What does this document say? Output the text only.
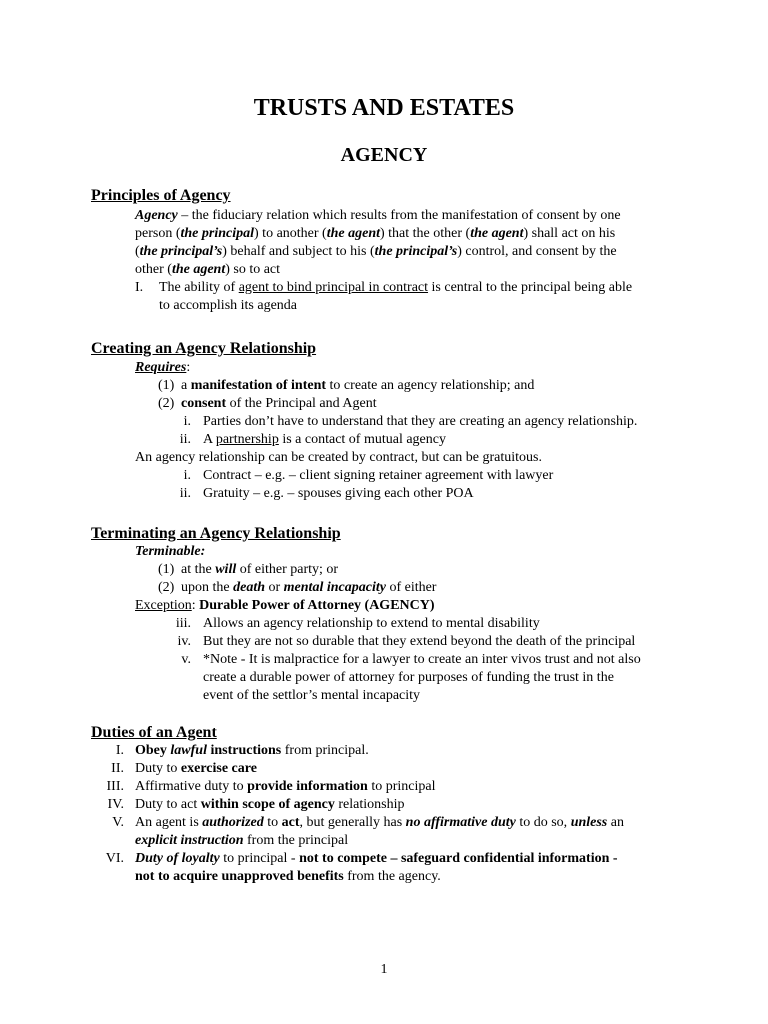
TRUSTS AND ESTATES
AGENCY
Principles of Agency
Agency – the fiduciary relation which results from the manifestation of consent by one
person (the principal) to another (the agent) that the other (the agent) shall act on his
(the principal’s) behalf and subject to his (the principal’s) control, and consent by the
other (the agent) so to act
I. The ability of agent to bind principal in contract is central to the principal being able
to accomplish its agenda
Creating an Agency Relationship
Requires:
(1) a manifestation of intent to create an agency relationship; and
(2) consent of the Principal and Agent
i. Parties don’t have to understand that they are creating an agency relationship.
ii. A partnership is a contact of mutual agency
An agency relationship can be created by contract, but can be gratuitous.
i. Contract – e.g. – client signing retainer agreement with lawyer
ii. Gratuity – e.g. – spouses giving each other POA
Terminating an Agency Relationship
Terminable:
(1) at the will of either party; or
(2) upon the death or mental incapacity of either
Exception: Durable Power of Attorney (AGENCY)
iii. Allows an agency relationship to extend to mental disability
iv. But they are not so durable that they extend beyond the death of the principal
v. *Note - It is malpractice for a lawyer to create an inter vivos trust and not also
create a durable power of attorney for purposes of funding the trust in the
event of the settlor’s mental incapacity
Duties of an Agent
I. Obey lawful instructions from principal.
II. Duty to exercise care
III. Affirmative duty to provide information to principal
IV. Duty to act within scope of agency relationship
V. An agent is authorized to act, but generally has no affirmative duty to do so, unless an
explicit instruction from the principal
VI. Duty of loyalty to principal - not to compete – safeguard confidential information -
not to acquire unapproved benefits from the agency.
1
